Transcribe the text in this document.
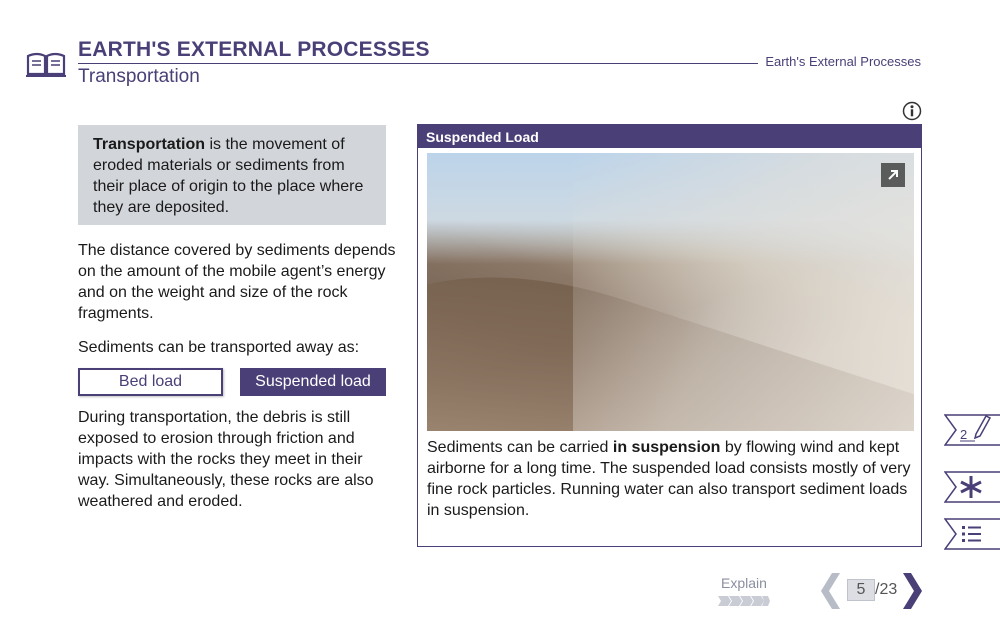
EARTH'S EXTERNAL PROCESSES
Transportation
Earth's External Processes
Transportation is the movement of eroded materials or sediments from their place of origin to the place where they are deposited.
The distance covered by sediments depends on the amount of the mobile agent’s energy and on the weight and size of the rock fragments.
Sediments can be transported away as:
Bed load	Suspended load
During transportation, the debris is still exposed to erosion through friction and impacts with the rocks they meet in their way. Simultaneously, these rocks are also weathered and eroded.
Suspended Load
Sediments can be carried in suspension by flowing wind and kept airborne for a long time. The suspended load consists mostly of very fine rock particles. Running water can also transport sediment loads in suspension.
2
Explain	5 /23
